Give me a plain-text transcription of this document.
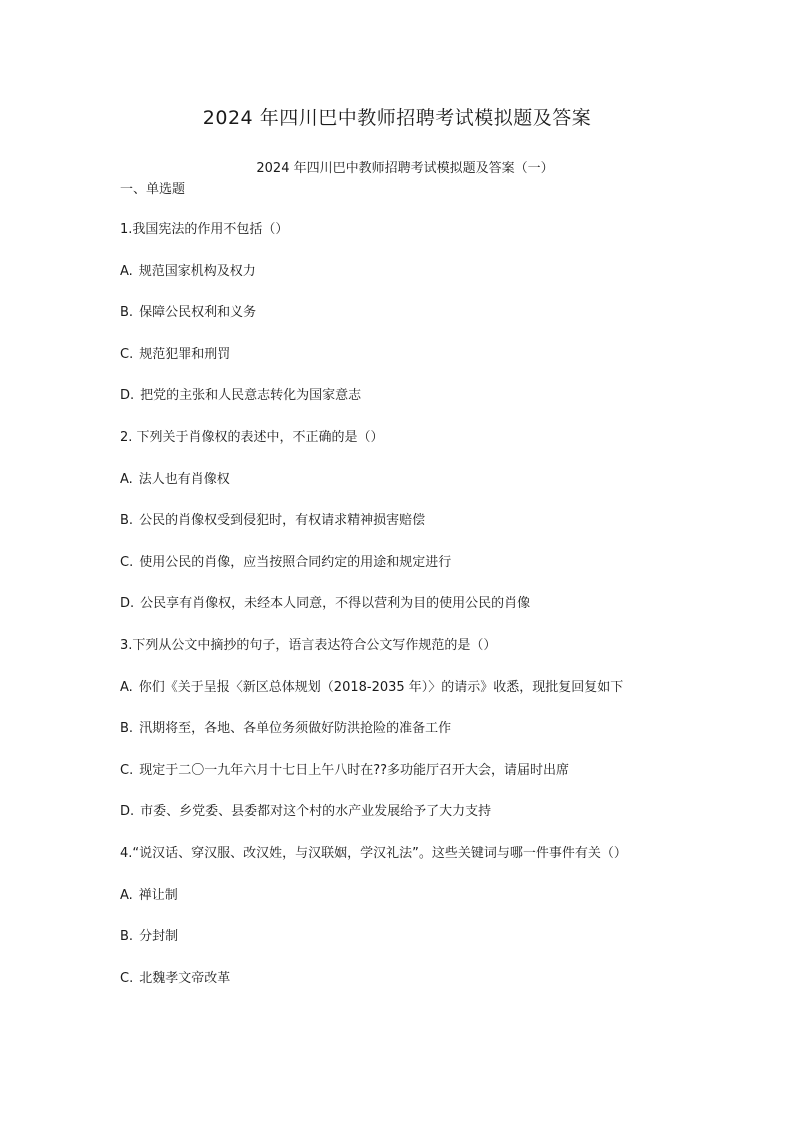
2024 年四川巴中教师招聘考试模拟题及答案
2024 年四川巴中教师招聘考试模拟题及答案（一）
一、单选题
1.我国宪法的作用不包括（）
A. 规范国家机构及权力
B. 保障公民权利和义务
C. 规范犯罪和刑罚
D. 把党的主张和人民意志转化为国家意志
2. 下列关于肖像权的表述中，不正确的是（）
A. 法人也有肖像权
B. 公民的肖像权受到侵犯时，有权请求精神损害赔偿
C. 使用公民的肖像，应当按照合同约定的用途和规定进行
D. 公民享有肖像权，未经本人同意，不得以营利为目的使用公民的肖像
3.下列从公文中摘抄的句子，语言表达符合公文写作规范的是（）
A. 你们《关于呈报〈新区总体规划（2018-2035 年）〉的请示》收悉，现批复回复如下
B. 汛期将至，各地、各单位务须做好防洪抢险的准备工作
C. 现定于二〇一九年六月十七日上午八时在??多功能厅召开大会，请届时出席
D. 市委、乡党委、县委都对这个村的水产业发展给予了大力支持
4.“说汉话、穿汉服、改汉姓，与汉联姻，学汉礼法”。这些关键词与哪一件事件有关（）
A. 禅让制
B. 分封制
C. 北魏孝文帝改革
